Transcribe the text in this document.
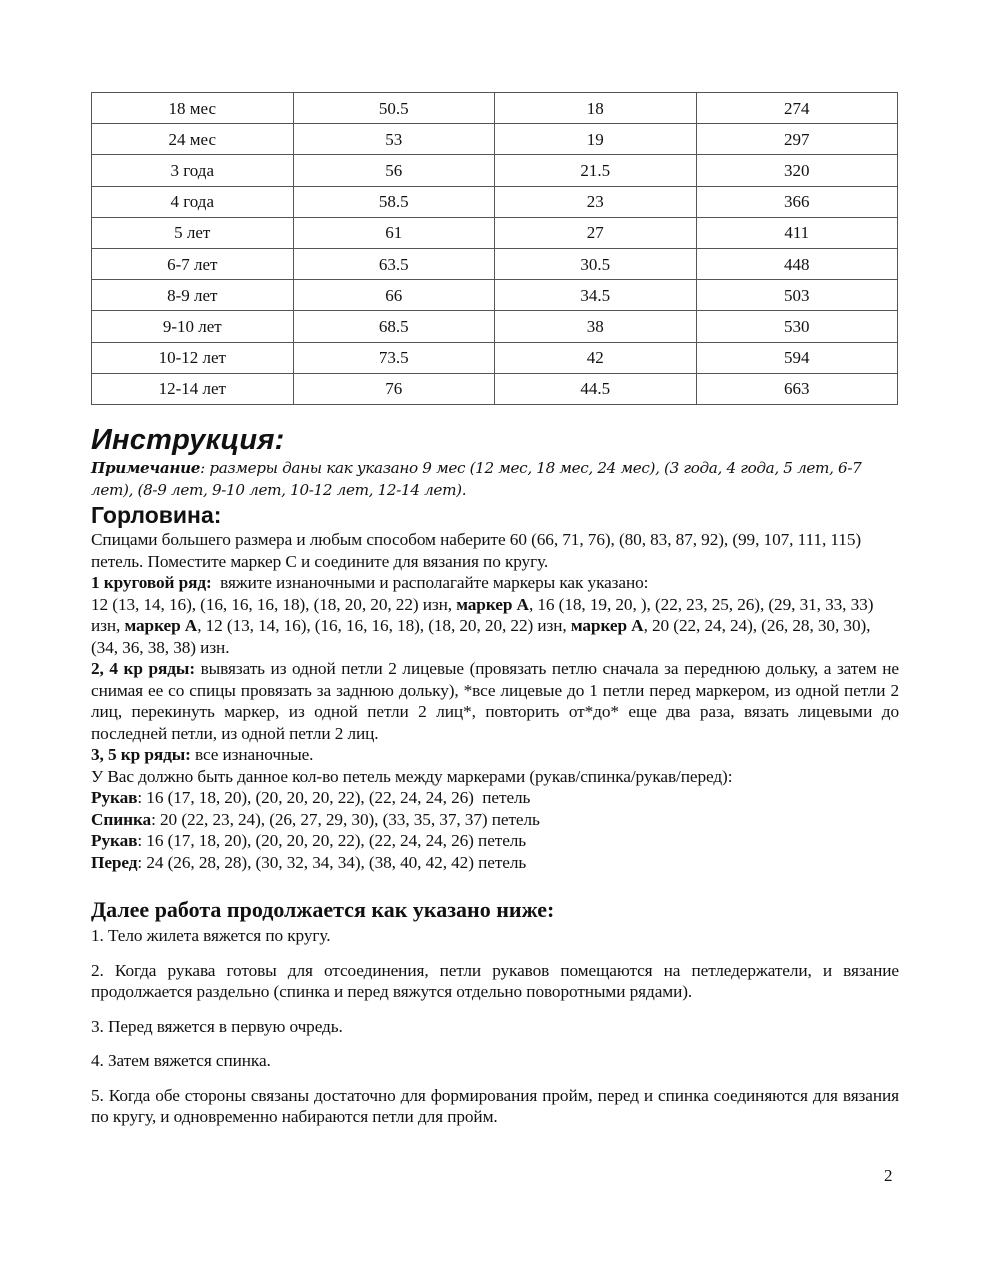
18 мес	50.5	18	274
24 мес	53	19	297
3 года	56	21.5	320
4 года	58.5	23	366
5 лет	61	27	411
6-7 лет	63.5	30.5	448
8-9 лет	66	34.5	503
9-10 лет	68.5	38	530
10-12 лет	73.5	42	594
12-14 лет	76	44.5	663
Инструкция:

Примечание: размеры даны как указано 9 мес (12 мес, 18 мес, 24 мес), (3 года, 4 года, 5 лет, 6-7 лет), (8-9 лет, 9-10 лет, 10-12 лет, 12-14 лет).

Горловина:

Спицами большего размера и любым способом наберите 60 (66, 71, 76), (80, 83, 87, 92), (99, 107, 111, 115) петель. Поместите маркер С и соедините для вязания по кругу.

1 круговой ряд:  вяжите изнаночными и располагайте маркеры как указано:

12 (13, 14, 16), (16, 16, 16, 18), (18, 20, 20, 22) изн, маркер А, 16 (18, 19, 20, ), (22, 23, 25, 26), (29, 31, 33, 33) изн, маркер А, 12 (13, 14, 16), (16, 16, 16, 18), (18, 20, 20, 22) изн, маркер А, 20 (22, 24, 24), (26, 28, 30, 30), (34, 36, 38, 38) изн.

2, 4 кр ряды: вывязать из одной петли 2 лицевые (провязать петлю сначала за переднюю дольку, а затем не снимая ее со спицы провязать за заднюю дольку), *все лицевые до 1 петли перед маркером, из одной петли 2 лиц, перекинуть маркер, из одной петли 2 лиц*, повторить от*до* еще два раза, вязать лицевыми до последней петли, из одной петли 2 лиц.

3, 5 кр ряды: все изнаночные.

У Вас должно быть данное кол-во петель между маркерами (рукав/спинка/рукав/перед):

Рукав: 16 (17, 18, 20), (20, 20, 20, 22), (22, 24, 24, 26)  петель

Спинка: 20 (22, 23, 24), (26, 27, 29, 30), (33, 35, 37, 37) петель

Рукав: 16 (17, 18, 20), (20, 20, 20, 22), (22, 24, 24, 26) петель

Перед: 24 (26, 28, 28), (30, 32, 34, 34), (38, 40, 42, 42) петель

Далее работа продолжается как указано ниже:

1. Тело жилета вяжется по кругу.

2. Когда рукава готовы для отсоединения, петли рукавов помещаются на петледержатели, и вязание продолжается раздельно (спинка и перед вяжутся отдельно поворотными рядами).

3. Перед вяжется в первую очредь.

4. Затем вяжется спинка.

5. Когда обе стороны связаны достаточно для формирования пройм, перед и спинка соединяются для вязания по кругу, и одновременно набираются петли для пройм.

2
